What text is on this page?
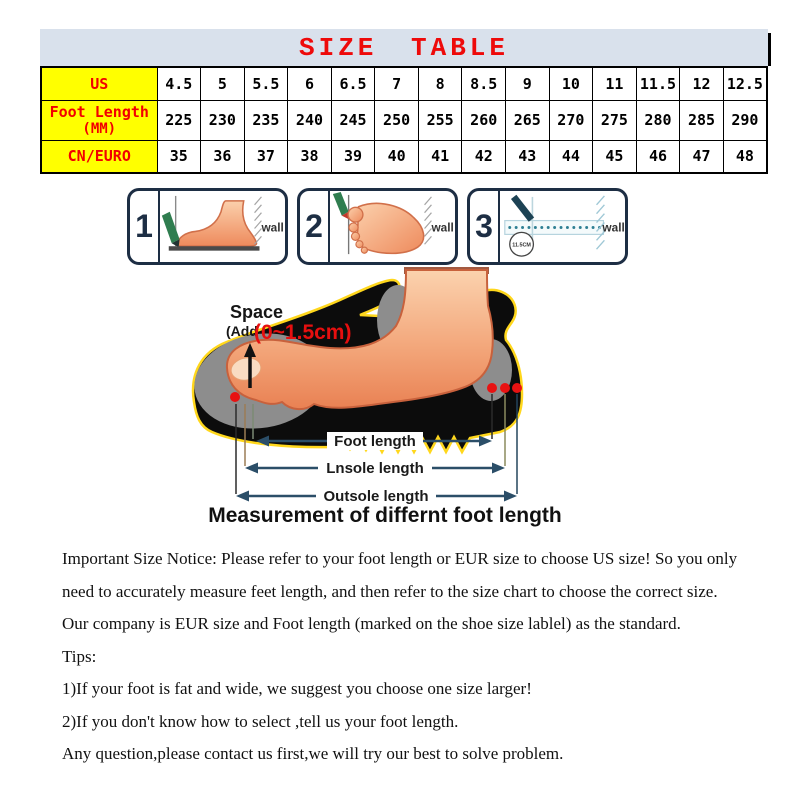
SIZE TABLE
US	4.5	5	5.5	6	6.5	7	8	8.5	9	10	11	11.5	12	12.5

Foot Length
(MM)	225	230	235	240	245	250	255	260	265	270	275	280	285	290
CN/EURO	35	36	37	38	39	40	41	42	43	44	45	46	47	48
1	wall 2	wall 3
11.5CM
wall
Space
(Add
(0~1.5cm)
Foot length
Lnsole length
Outsole length
Measurement of differnt foot length
Important Size Notice: Please refer to your foot length or EUR size to choose US size! So you only
need to accurately measure feet length, and then refer to the size chart to choose the correct size.
Our company is EUR size and Foot length (marked on the shoe size lablel) as the standard.
Tips:
1)If your foot is fat and wide, we suggest you choose one size larger!
2)If you don't know how to select ,tell us your foot length.
Any question,please contact us first,we will try our best to solve problem.
